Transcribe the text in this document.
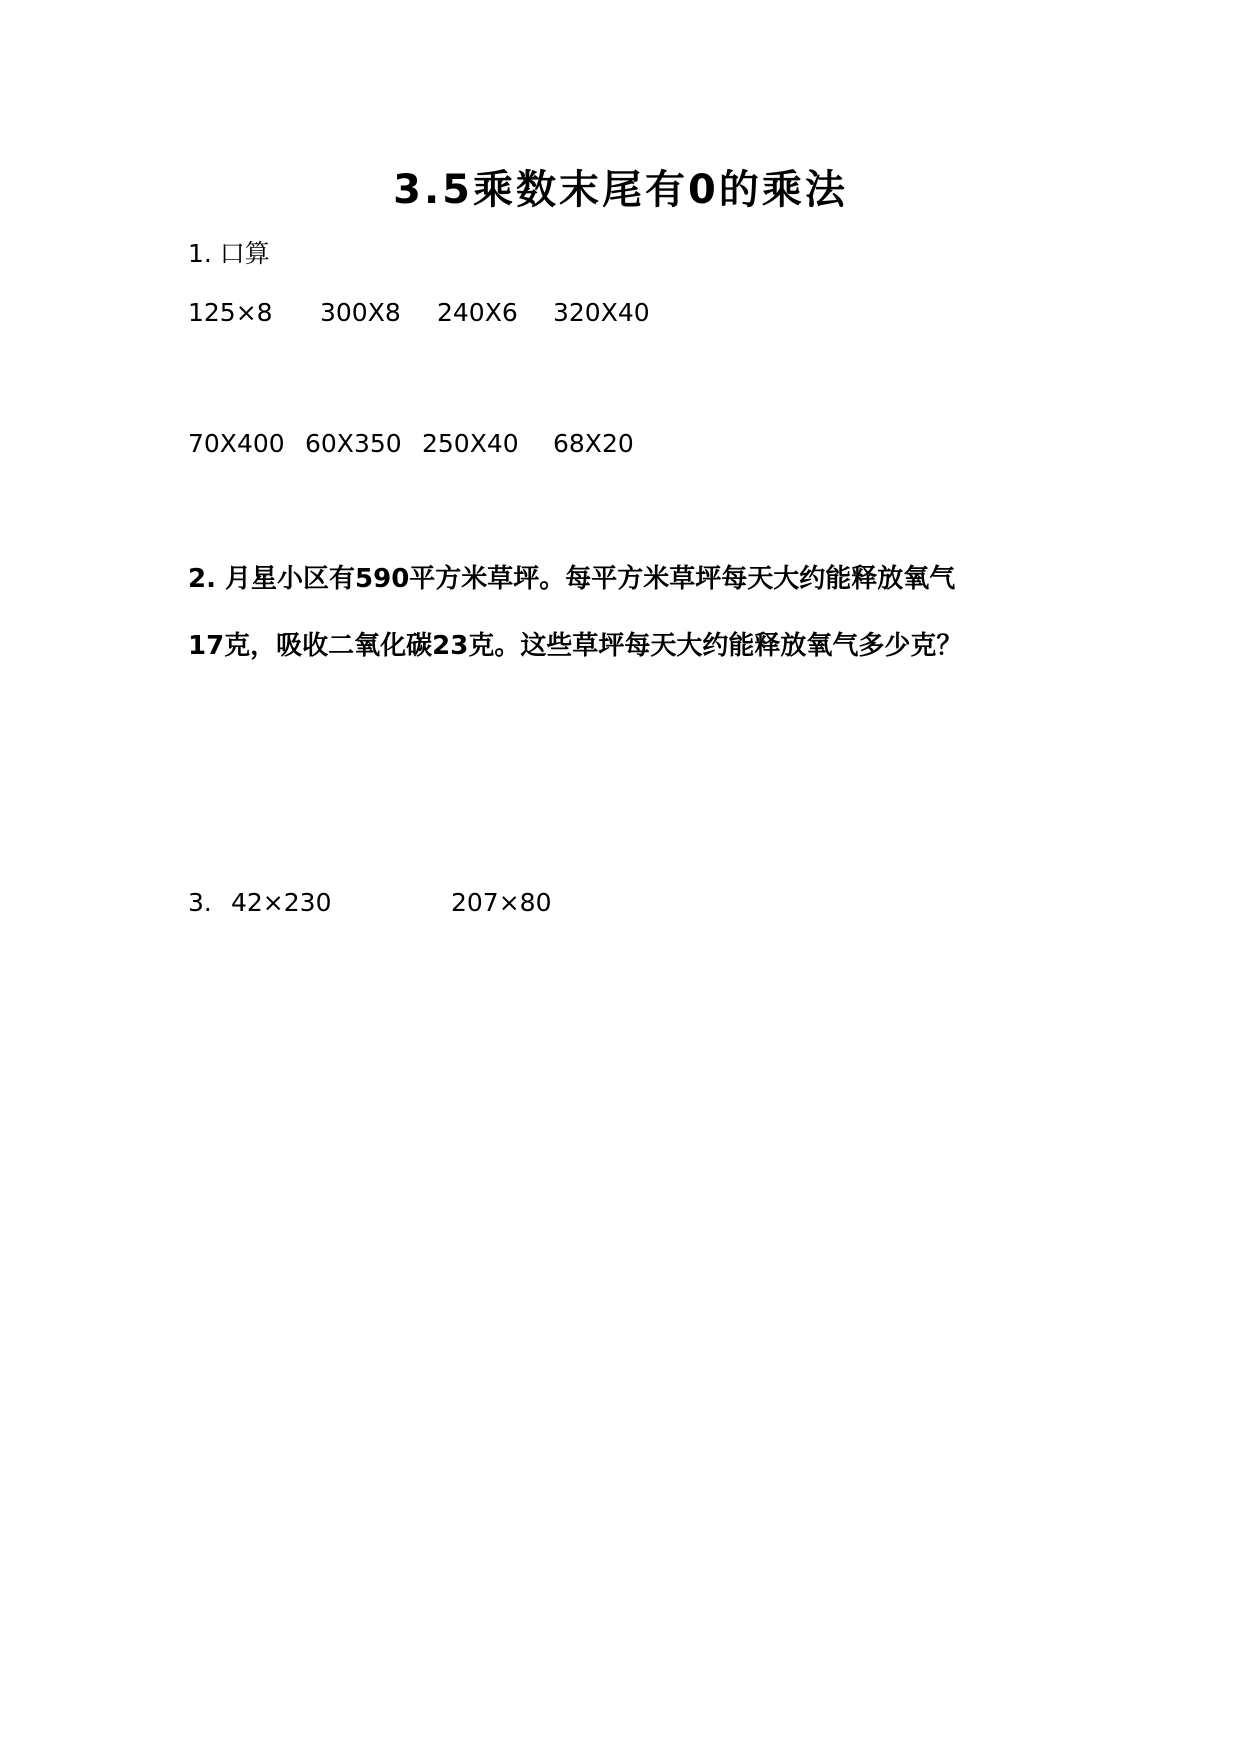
3.5乘数末尾有0的乘法
1. 口算
125×8 300X8 240X6 320X40
70X400 60X350 250X40 68X20
2. 月星小区有590平方米草坪。每平方米草坪每天大约能释放氧气
17克，吸收二氧化碳23克。这些草坪每天大约能释放氧气多少克？
3. 42×230	207×80
